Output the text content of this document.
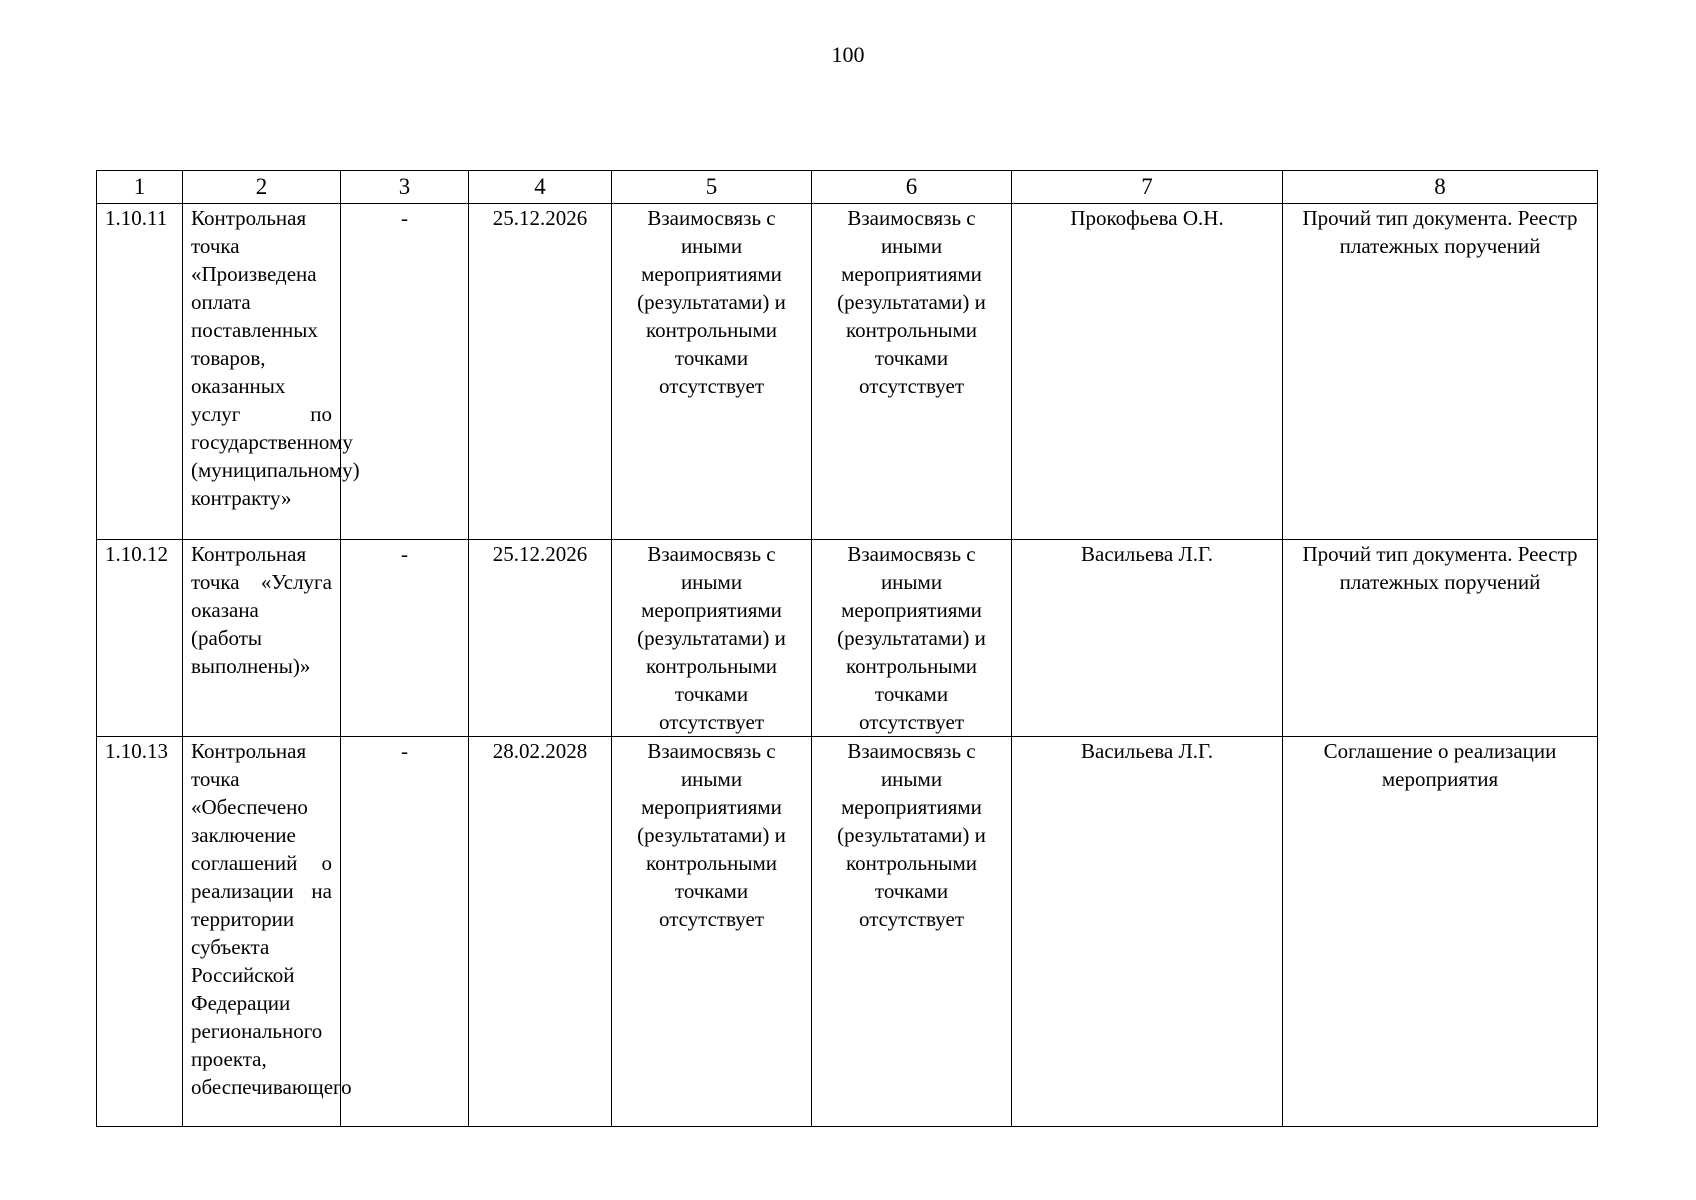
100
1	2	3	4	5	6	7	8
1.10.11	Контрольная точка «Произведена оплата поставленных товаров, оказанных услуг по государственному (муниципальному) контракту»	-	25.12.2026	Взаимосвязь с иными мероприятиями (результатами) и контрольными точками отсутствует	Взаимосвязь с иными мероприятиями (результатами) и контрольными точками отсутствует	Прокофьева О.Н.	Прочий тип документа. Реестр платежных поручений
1.10.12	Контрольная точка «Услуга оказана (работы выполнены)»	-	25.12.2026	Взаимосвязь с иными мероприятиями (результатами) и контрольными точками отсутствует	Взаимосвязь с иными мероприятиями (результатами) и контрольными точками отсутствует	Васильева Л.Г.	Прочий тип документа. Реестр платежных поручений
1.10.13	Контрольная точка «Обеспечено заключение соглашений о реализации на территории субъекта Российской Федерации регионального проекта, обеспечивающего	-	28.02.2028	Взаимосвязь с иными мероприятиями (результатами) и контрольными точками отсутствует	Взаимосвязь с иными мероприятиями (результатами) и контрольными точками отсутствует	Васильева Л.Г.	Соглашение о реализации мероприятия
